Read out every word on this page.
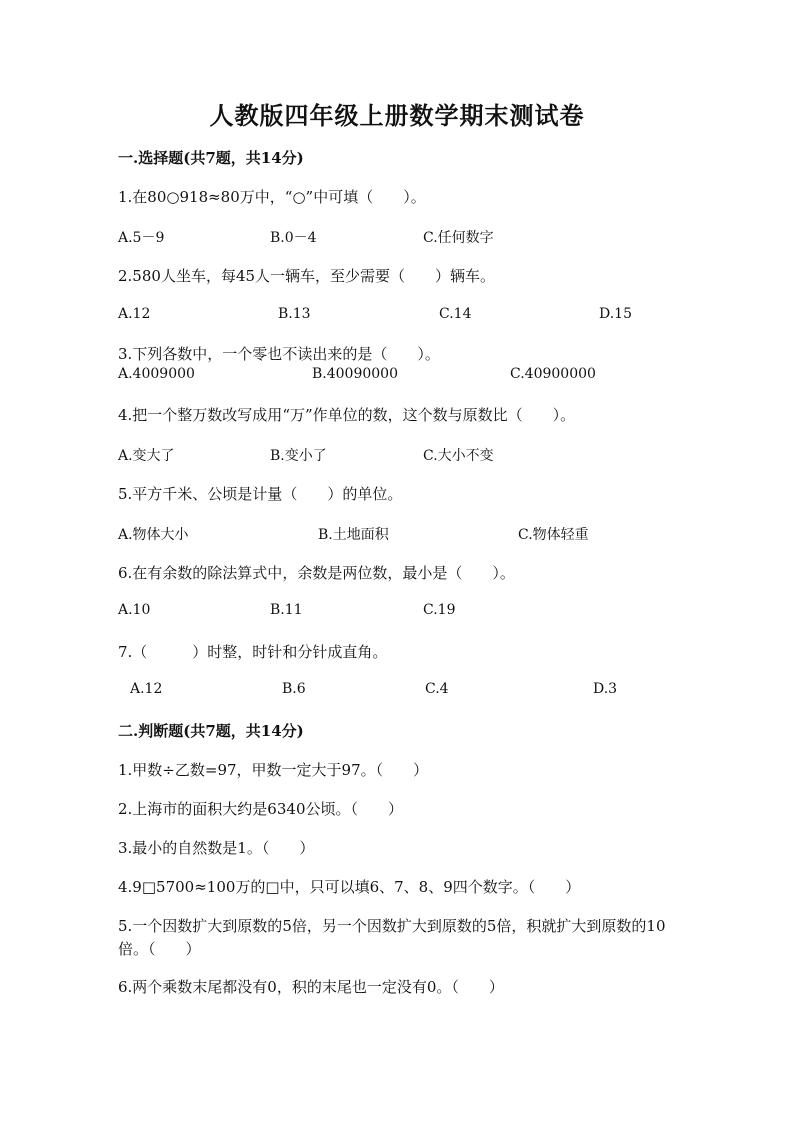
人教版四年级上册数学期末测试卷
一.选择题(共7题，共14分)
1.在80○918≈80万中，“○”中可填（　　）。
A.5－9	B.0－4	C.任何数字
2.580人坐车，每45人一辆车，至少需要（　　）辆车。
A.12	B.13	C.14	D.15
3.下列各数中，一个零也不读出来的是（　　）。
A.4009000	B.40090000	C.40900000
4.把一个整万数改写成用“万”作单位的数，这个数与原数比（　　）。
A.变大了	B.变小了	C.大小不变
5.平方千米、公顷是计量（　　）的单位。
A.物体大小	B.土地面积	C.物体轻重
6.在有余数的除法算式中，余数是两位数，最小是（　　）。
A.10	B.11	C.19
7.（　　　）时整，时针和分针成直角。
A.12	B.6	C.4	D.3
二.判断题(共7题，共14分)
1.甲数÷乙数=97，甲数一定大于97。（　　）
2.上海市的面积大约是6340公顷。（　　）
3.最小的自然数是1。（　　）
4.9□5700≈100万的□中，只可以填6、7、8、9四个数字。（　　）
5.一个因数扩大到原数的5倍，另一个因数扩大到原数的5倍，积就扩大到原数的10倍。（　　）
6.两个乘数末尾都没有0，积的末尾也一定没有0。（　　）
